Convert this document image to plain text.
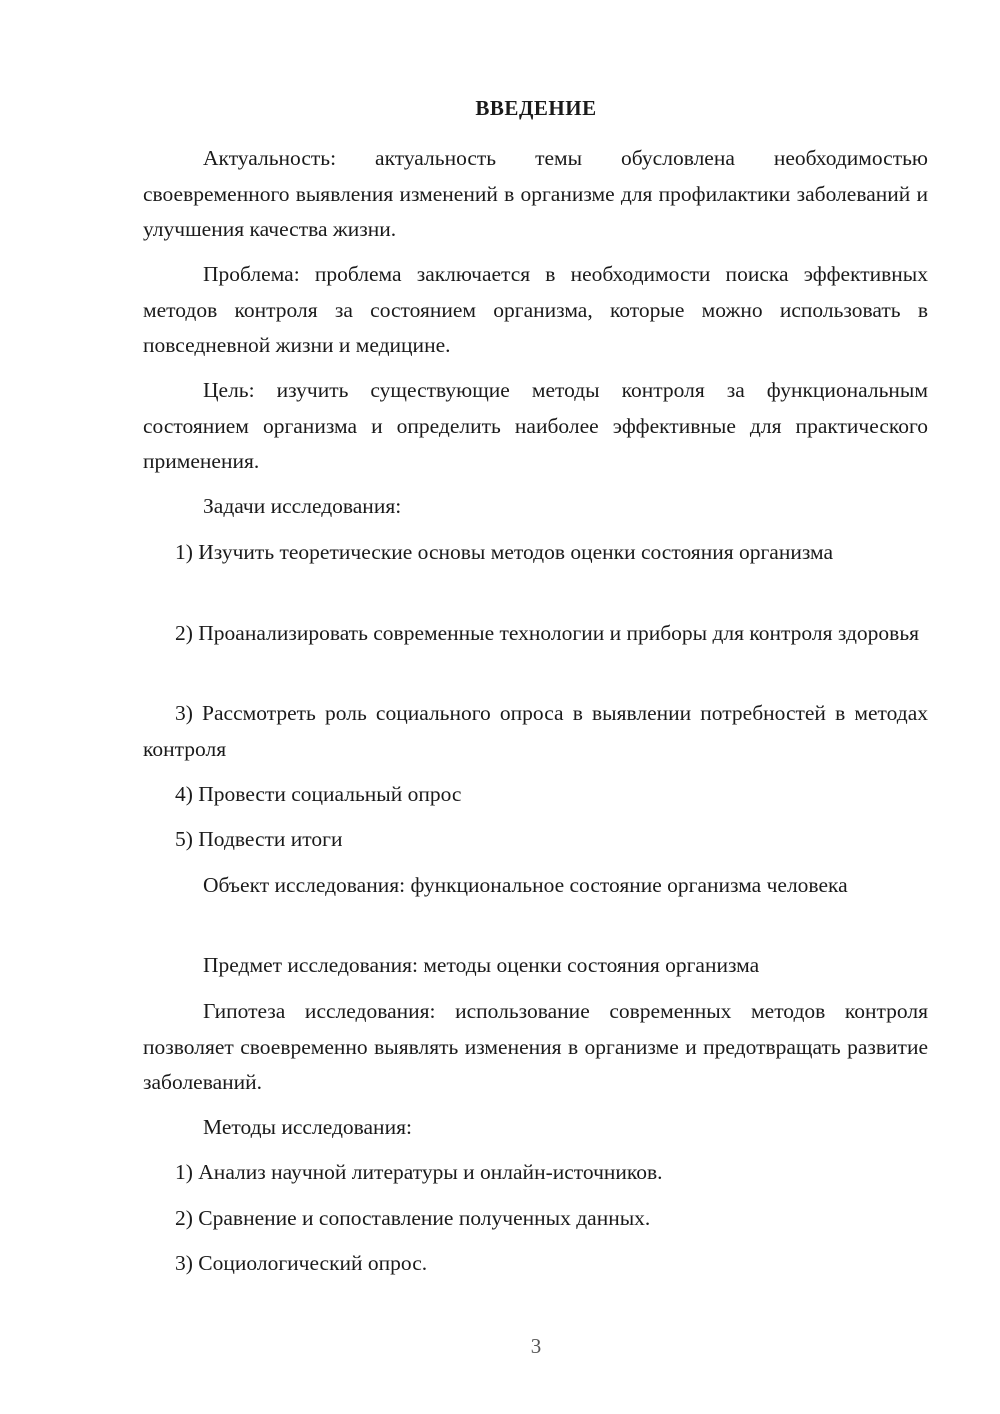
ВВЕДЕНИЕ

Актуальность: актуальность темы обусловлена необходимостью своевременного выявления изменений в организме для профилактики заболеваний и улучшения качества жизни.

Проблема: проблема заключается в необходимости поиска эффективных методов контроля за состоянием организма, которые можно использовать в повседневной жизни и медицине.

Цель: изучить существующие методы контроля за функциональным состоянием организма и определить наиболее эффективные для практического применения.

Задачи исследования:

1) Изучить теоретические основы методов оценки состояния организма

2) Проанализировать современные технологии и приборы для контроля здоровья

3) Рассмотреть роль социального опроса в выявлении потребностей в методах контроля

4) Провести социальный опрос

5) Подвести итоги

Объект исследования: функциональное состояние организма человека

Предмет исследования: методы оценки состояния организма

Гипотеза исследования: использование современных методов контроля позволяет своевременно выявлять изменения в организме и предотвращать развитие заболеваний.

Методы исследования:

1) Анализ научной литературы и онлайн-источников.

2) Сравнение и сопоставление полученных данных.

3) Социологический опрос.

3
